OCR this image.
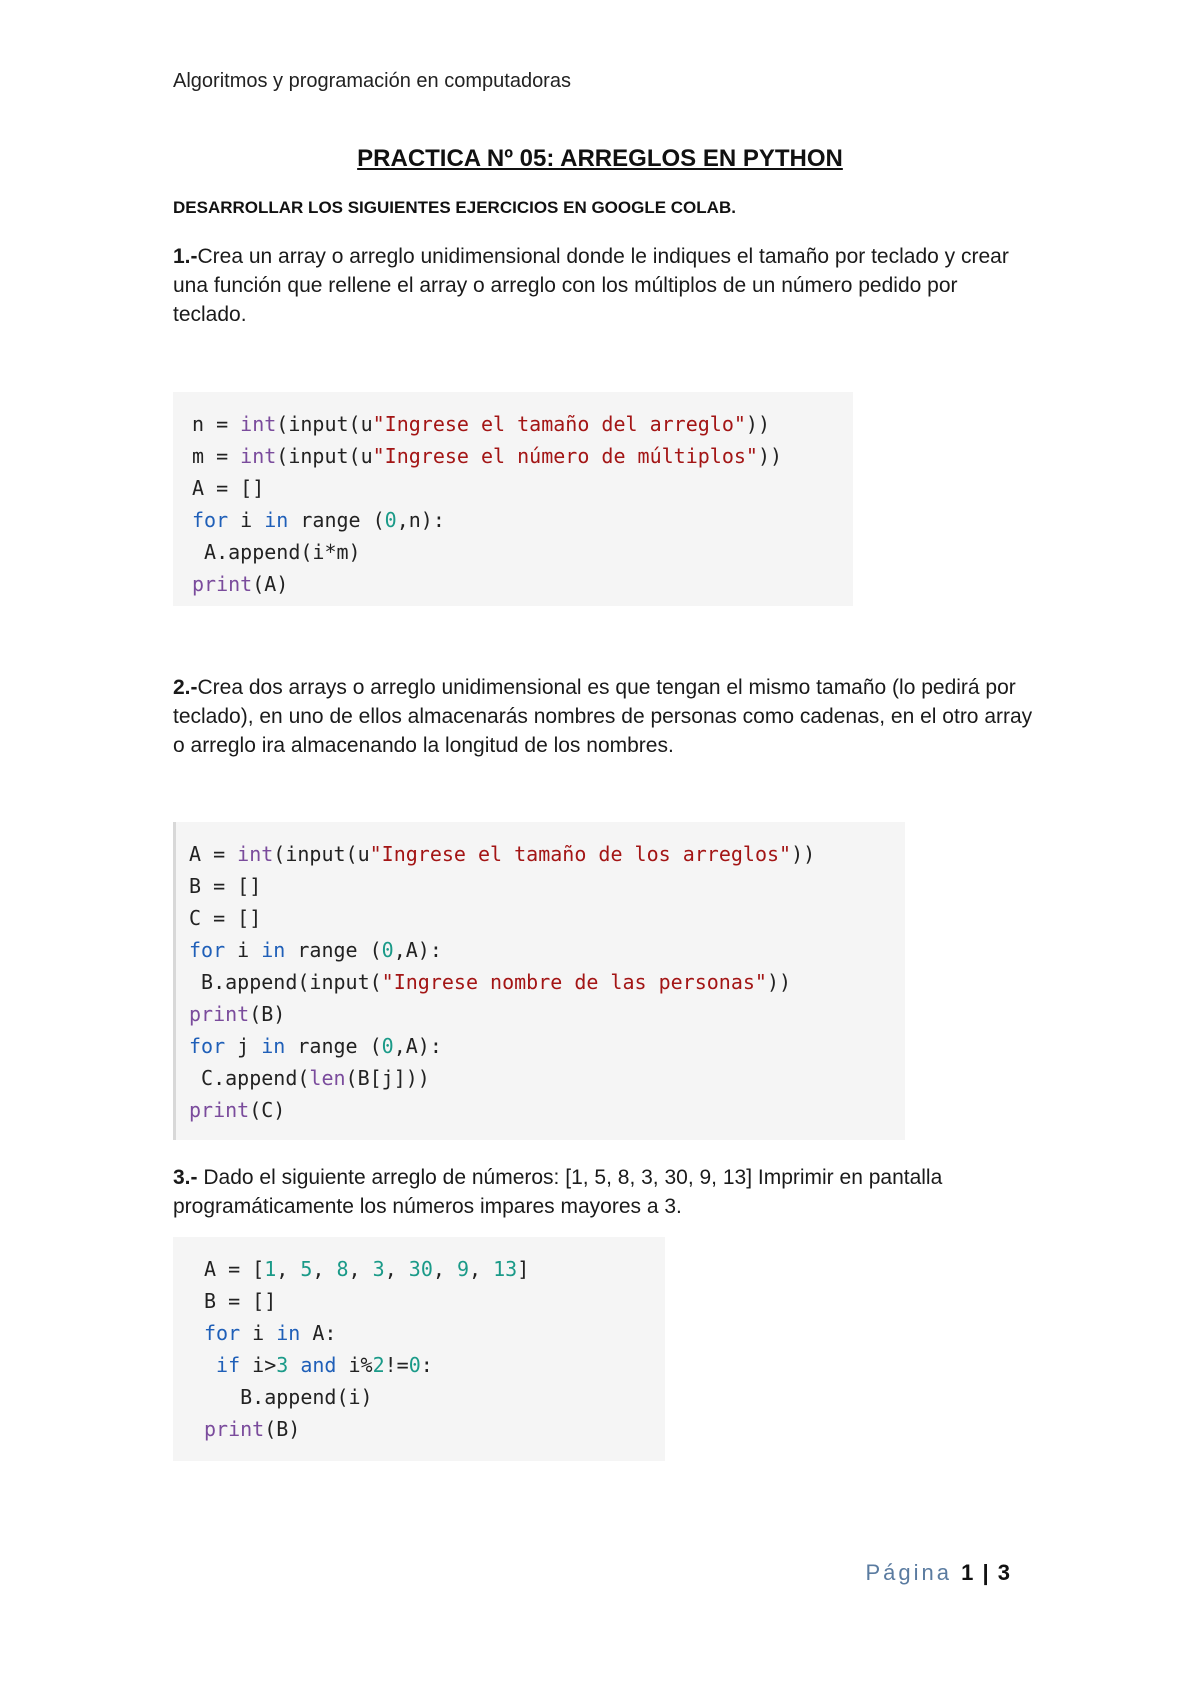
Algoritmos y programación en computadoras
PRACTICA Nº 05: ARREGLOS EN PYTHON
DESARROLLAR LOS SIGUIENTES EJERCICIOS EN GOOGLE COLAB.
1.-Crea un array o arreglo unidimensional donde le indiques el tamaño por teclado y crear una función que rellene el array o arreglo con los múltiplos de un número pedido por teclado.
n = int(input(u"Ingrese el tamaño del arreglo"))
m = int(input(u"Ingrese el número de múltiplos"))
A = []
for i in range (0,n):
A.append(i*m)
print(A)
2.-Crea dos arrays o arreglo unidimensional es que tengan el mismo tamaño (lo pedirá por teclado), en uno de ellos almacenarás nombres de personas como cadenas, en el otro array o arreglo ira almacenando la longitud de los nombres.
A = int(input(u"Ingrese el tamaño de los arreglos"))
B = []
C = []
for i in range (0,A):
B.append(input("Ingrese nombre de las personas"))
print(B)
for j in range (0,A):
C.append(len(B[j]))
print(C)
3.- Dado el siguiente arreglo de números: [1, 5, 8, 3, 30, 9, 13] Imprimir en pantalla programáticamente los números impares mayores a 3.
A = [1, 5, 8, 3, 30, 9, 13]
B = []
for i in A:
if i>3 and i%2!=0:
B.append(i)
print(B)
Página 1 | 3
